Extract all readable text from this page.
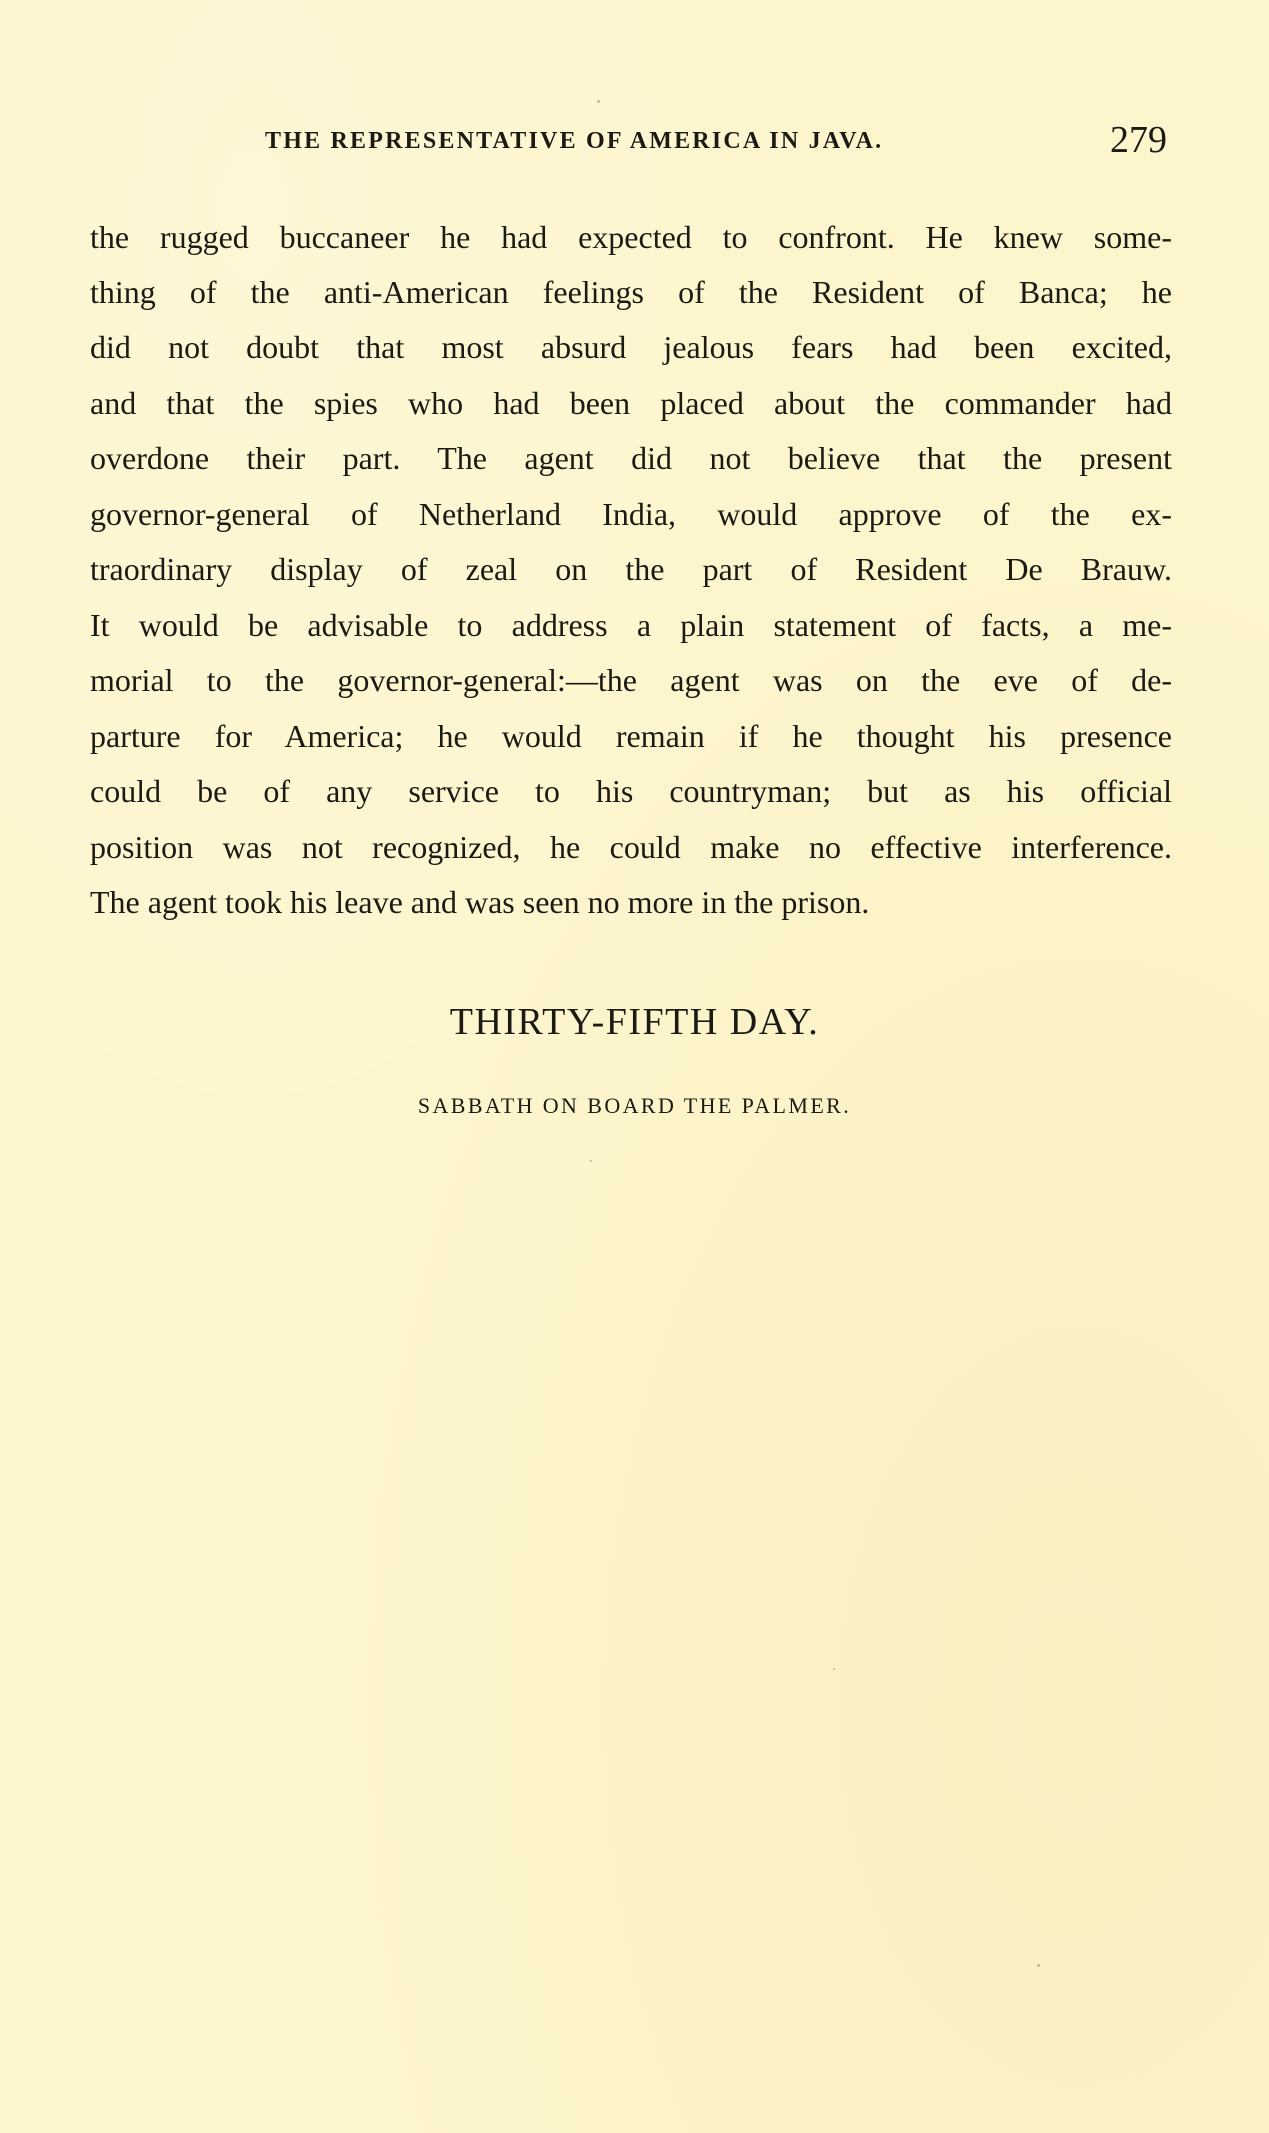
THE REPRESENTATIVE OF AMERICA IN JAVA.	279
the rugged buccaneer he had expected to confront. He knew some-
thing of the anti-American feelings of the Resident of Banca; he
did not doubt that most absurd jealous fears had been excited,
and that the spies who had been placed about the commander had
overdone their part. The agent did not believe that the present
governor-general of Netherland India, would approve of the ex-
traordinary display of zeal on the part of Resident De Brauw.
It would be advisable to address a plain statement of facts, a me-
morial to the governor-general:—the agent was on the eve of de-
parture for America; he would remain if he thought his presence
could be of any service to his countryman; but as his official
position was not recognized, he could make no effective interference.
The agent took his leave and was seen no more in the prison.
THIRTY-FIFTH DAY.
SABBATH ON BOARD THE PALMER.
